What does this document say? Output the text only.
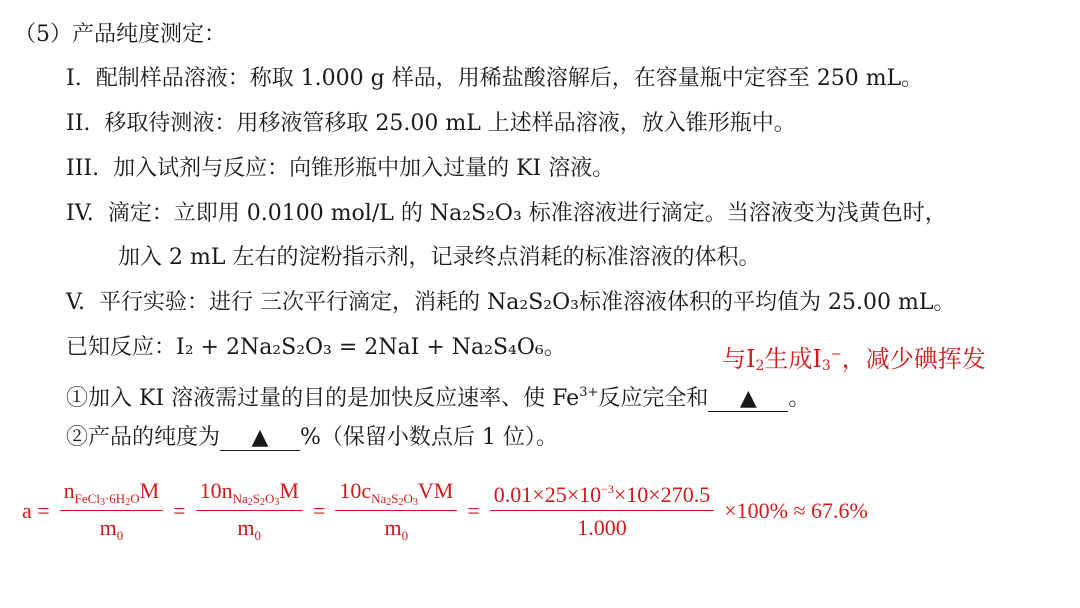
（5）产品纯度测定：
I. 配制样品溶液：称取 1.000 g 样品，用稀盐酸溶解后，在容量瓶中定容至 250 mL。
II. 移取待测液：用移液管移取 25.00 mL 上述样品溶液，放入锥形瓶中。
III. 加入试剂与反应：向锥形瓶中加入过量的 KI 溶液。
IV. 滴定：立即用 0.0100 mol/L 的 Na₂S₂O₃ 标准溶液进行滴定。当溶液变为浅黄色时，
加入 2 mL 左右的淀粉指示剂，记录终点消耗的标准溶液的体积。
V. 平行实验：进行 三次平行滴定，消耗的 Na₂S₂O₃标准溶液体积的平均值为 25.00 mL。
已知反应：I₂ + 2Na₂S₂O₃ = 2NaI + Na₂S₄O₆。	与$I_2$生成$I_3^-$，减少碘挥发
①加入 KI 溶液需过量的目的是加快反应速率、使 $Fe^{3+}$反应完全和 ▲ 。
②产品的纯度为 ▲ %（保留小数点后 1 位）。
$a = \frac{n_{FeCl3\cdot 6H2O}M}{m_0} = \frac{10n_{Na2S2O3}M}{m_0} = \frac{10c_{Na2S2O3}VM}{m_0} = \frac{0.01\times 25\times 10^{-3}\times 10\times 270.5}{1.000} \times 100\% \approx 67.6\%$
